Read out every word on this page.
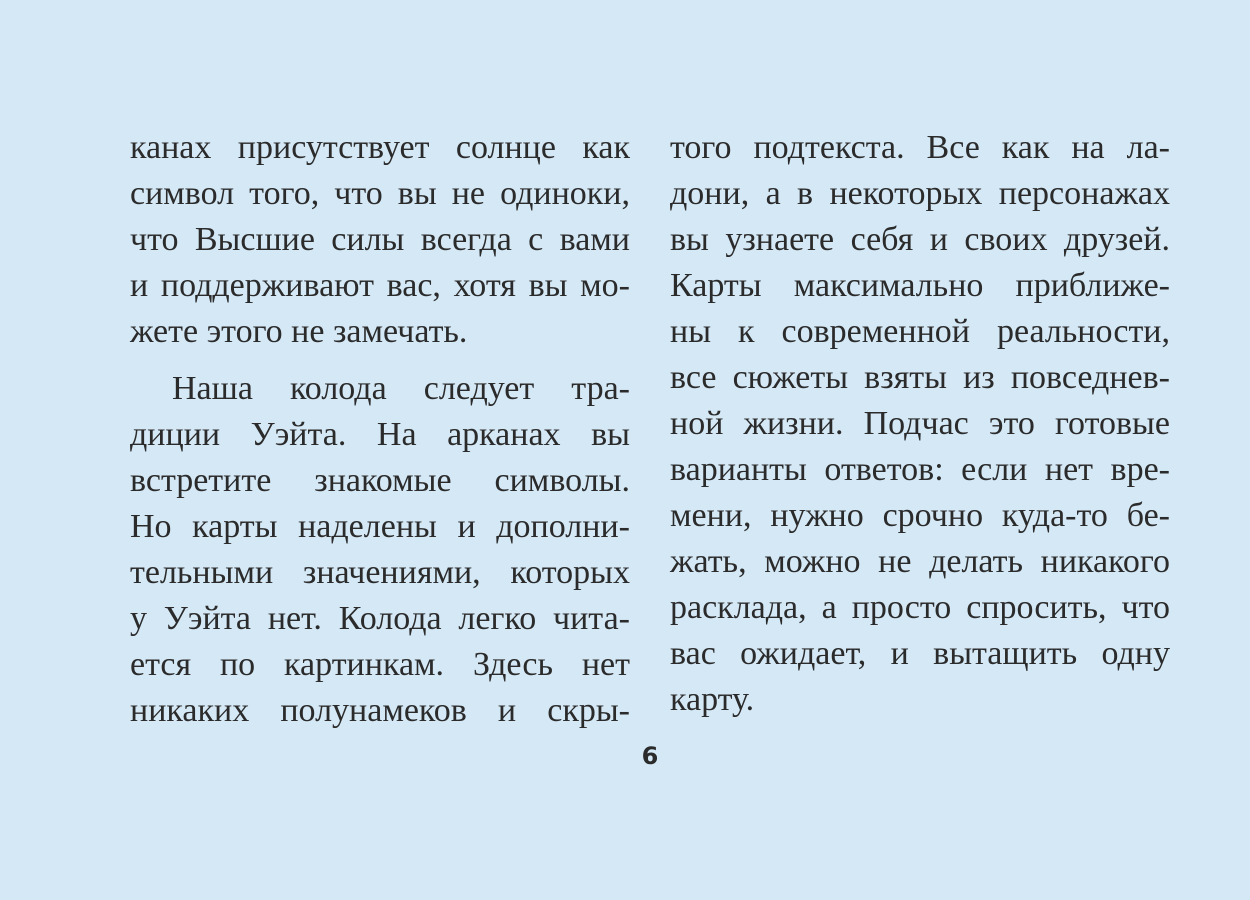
канах присутствует солнце как
символ того, что вы не одиноки,
что Высшие силы всегда с вами
и поддерживают вас, хотя вы мо-
жете этого не замечать.
Наша колода следует тра-
диции Уэйта. На арканах вы
встретите знакомые символы.
Но карты наделены и дополни-
тельными значениями, которых
у Уэйта нет. Колода легко чита-
ется по картинкам. Здесь нет
никаких полунамеков и скры-
того подтекста. Все как на ла-
дони, а в некоторых персонажах
вы узнаете себя и своих друзей.
Карты максимально приближе-
ны к современной реальности,
все сюжеты взяты из повседнев-
ной жизни. Подчас это готовые
варианты ответов: если нет вре-
мени, нужно срочно куда-то бе-
жать, можно не делать никакого
расклада, а просто спросить, что
вас ожидает, и вытащить одну
карту.
6
